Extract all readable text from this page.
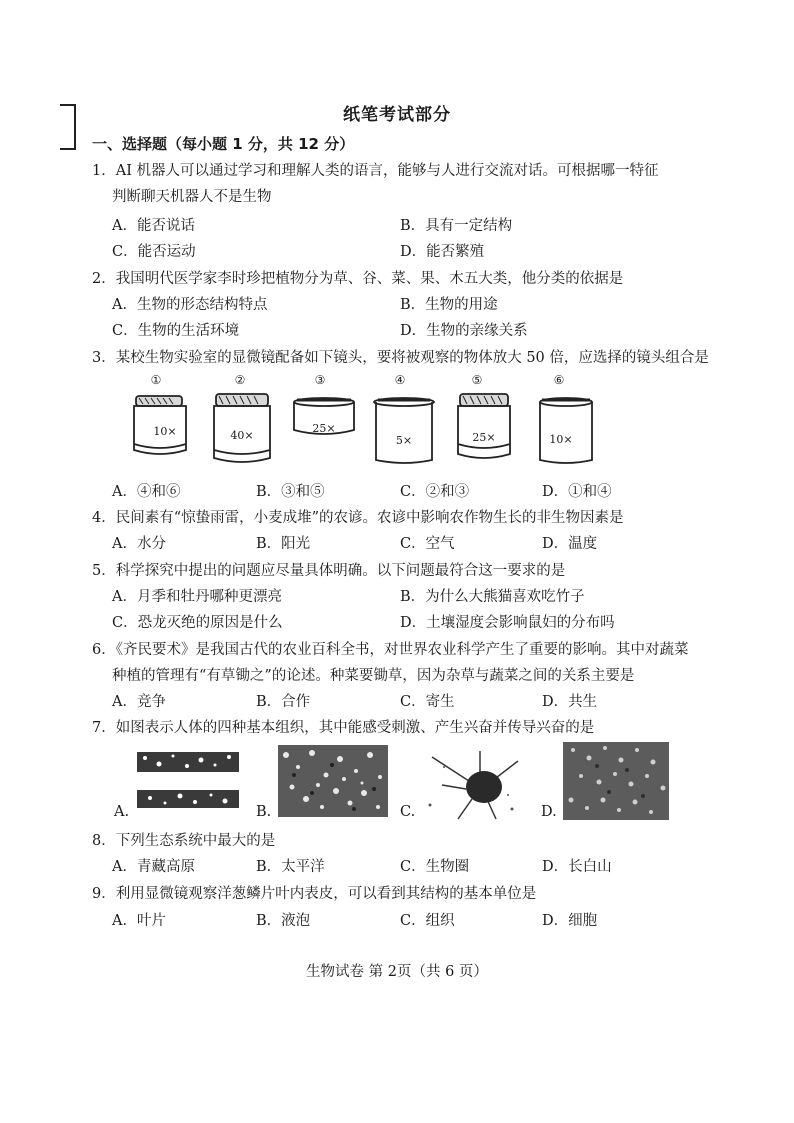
纸笔考试部分
一、选择题（每小题 1 分，共 12 分）
1．AI 机器人可以通过学习和理解人类的语言，能够与人进行交流对话。可根据哪一特征
判断聊天机器人不是生物
A．能否说话	B．具有一定结构
C．能否运动	D．能否繁殖
2．我国明代医学家李时珍把植物分为草、谷、菜、果、木五大类，他分类的依据是
A．生物的形态结构特点	B．生物的用途
C．生物的生活环境	D．生物的亲缘关系
3．某校生物实验室的显微镜配备如下镜头，要将被观察的物体放大 50 倍，应选择的镜头组合是
①	②	③	④	⑤	⑥
10×	40×
25×
5×	25×	10×
A．④和⑥	B．③和⑤	C．②和③	D．①和④
4．民间素有“惊蛰雨雷，小麦成堆”的农谚。农谚中影响农作物生长的非生物因素是
A．水分	B．阳光	C．空气	D．温度
5．科学探究中提出的问题应尽量具体明确。以下问题最符合这一要求的是
A．月季和牡丹哪种更漂亮	B．为什么大熊猫喜欢吃竹子
C．恐龙灭绝的原因是什么	D．土壤湿度会影响鼠妇的分布吗
6．《齐民要术》是我国古代的农业百科全书，对世界农业科学产生了重要的影响。其中对蔬菜
种植的管理有“有草锄之”的论述。种菜要锄草，因为杂草与蔬菜之间的关系主要是
A．竞争	B．合作	C．寄生	D．共生
7．如图表示人体的四种基本组织，其中能感受刺激、产生兴奋并传导兴奋的是
A.	B.	C.	D.
8．下列生态系统中最大的是
A．青藏高原	B．太平洋	C．生物圈	D．长白山
9．利用显微镜观察洋葱鳞片叶内表皮，可以看到其结构的基本单位是
A．叶片	B．液泡	C．组织	D．细胞
生物试卷 第 2页（共 6 页）
